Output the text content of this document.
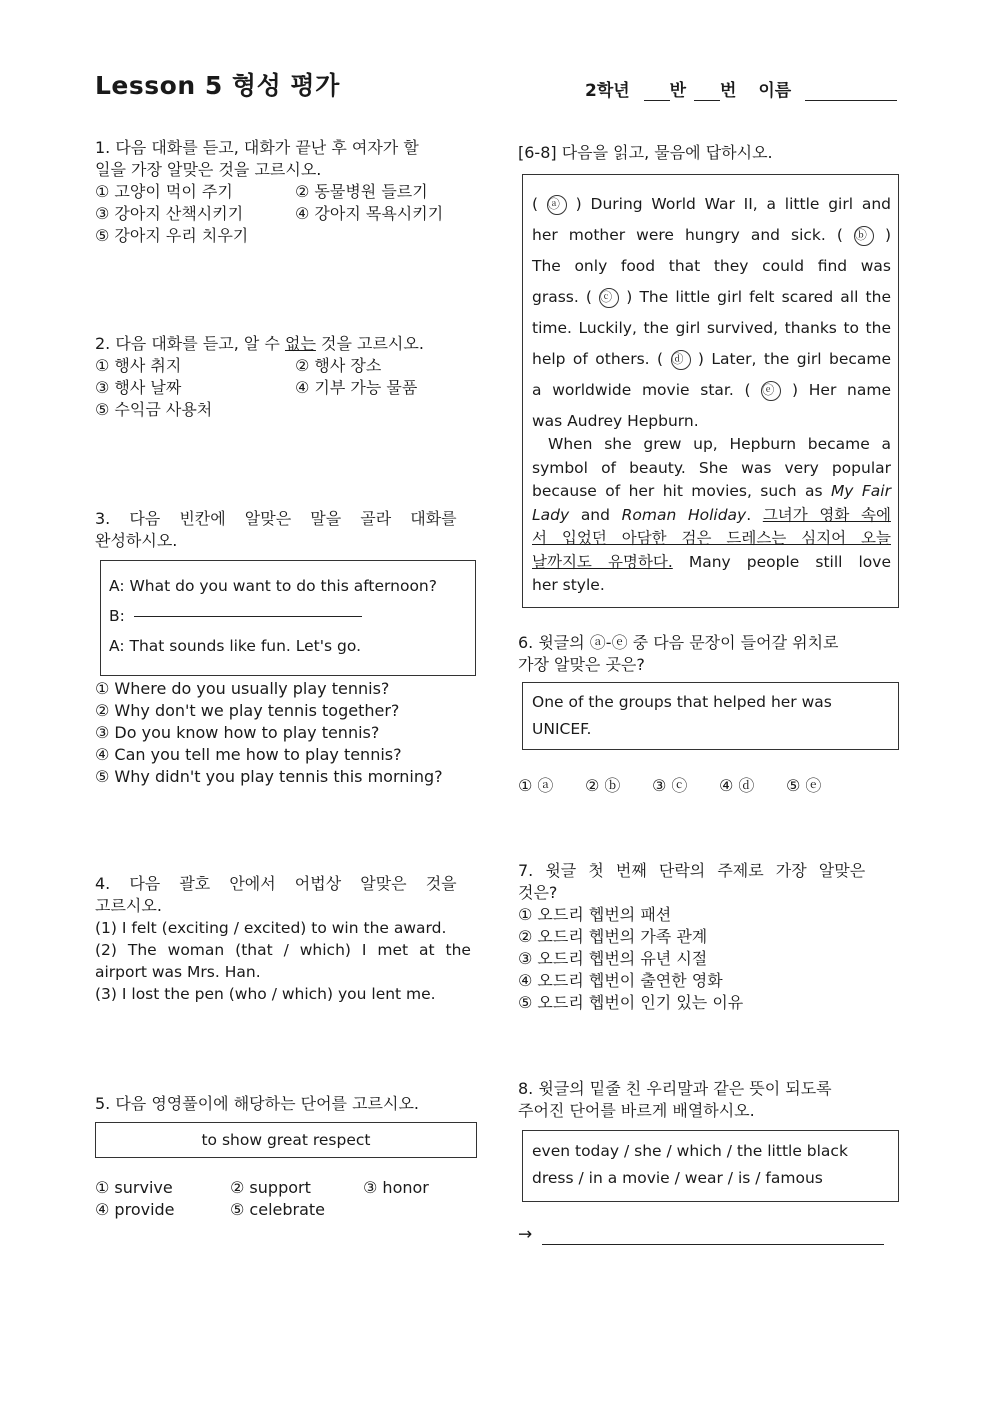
Lesson 5 형성 평가	2학년 반 번 이름
1. 다음 대화를 듣고, 대화가 끝난 후 여자가 할
일을 가장 알맞은 것을 고르시오.
① 고양이 먹이 주기	② 동물병원 들르기
③ 강아지 산책시키기	④ 강아지 목욕시키기
⑤ 강아지 우리 치우기
2. 다음 대화를 듣고, 알 수 없는 것을 고르시오.
① 행사 취지	② 행사 장소
③ 행사 날짜	④ 기부 가능 물품
⑤ 수익금 사용처
3. 다음 빈칸에 알맞은 말을 골라 대화를
완성하시오.
A: What do you want to do this afternoon?
B:
A: That sounds like fun. Let's go.
① Where do you usually play tennis?
② Why don't we play tennis together?
③ Do you know how to play tennis?
④ Can you tell me how to play tennis?
⑤ Why didn't you play tennis this morning?
4. 다음 괄호 안에서 어법상 알맞은 것을
고르시오.
(1) I felt (exciting / excited) to win the award.
(2) The woman (that / which) I met at the
airport was Mrs. Han.
(3) I lost the pen (who / which) you lent me.
5. 다음 영영풀이에 해당하는 단어를 고르시오.
to show great respect
① survive	② support	③ honor
④ provide	⑤ celebrate
[6-8] 다음을 읽고, 물음에 답하시오.

( ⓐ ) During World War II, a little girl and

her mother were hungry and sick. ( ⓑ )

The only food that they could find was

grass. ( ⓒ ) The little girl felt scared all the

time. Luckily, the girl survived, thanks to the

help of others. ( ⓓ ) Later, the girl became

a worldwide movie star. ( ⓔ ) Her name

was Audrey Hepburn.

When she grew up, Hepburn became a

symbol of beauty. She was very popular

because of her hit movies, such as My Fair

Lady and Roman Holiday. 그녀가 영화 속에

서 입었던 아담한 검은 드레스는 심지어 오늘

날까지도 유명하다. Many people still love

her style.

6. 윗글의 ⓐ-ⓔ 중 다음 문장이 들어갈 위치로
가장 알맞은 곳은?
One of the groups that helped her was
UNICEF.
① ⓐ	② ⓑ	③ ⓒ	④ ⓓ	⑤ ⓔ
7. 윗글 첫 번째 단락의 주제로 가장 알맞은
것은?
① 오드리 헵번의 패션
② 오드리 헵번의 가족 관계
③ 오드리 헵번의 유년 시절
④ 오드리 헵번이 출연한 영화
⑤ 오드리 헵번이 인기 있는 이유
8. 윗글의 밑줄 친 우리말과 같은 뜻이 되도록
주어진 단어를 바르게 배열하시오.
even today / she / which / the little black
dress / in a movie / wear / is / famous
→
